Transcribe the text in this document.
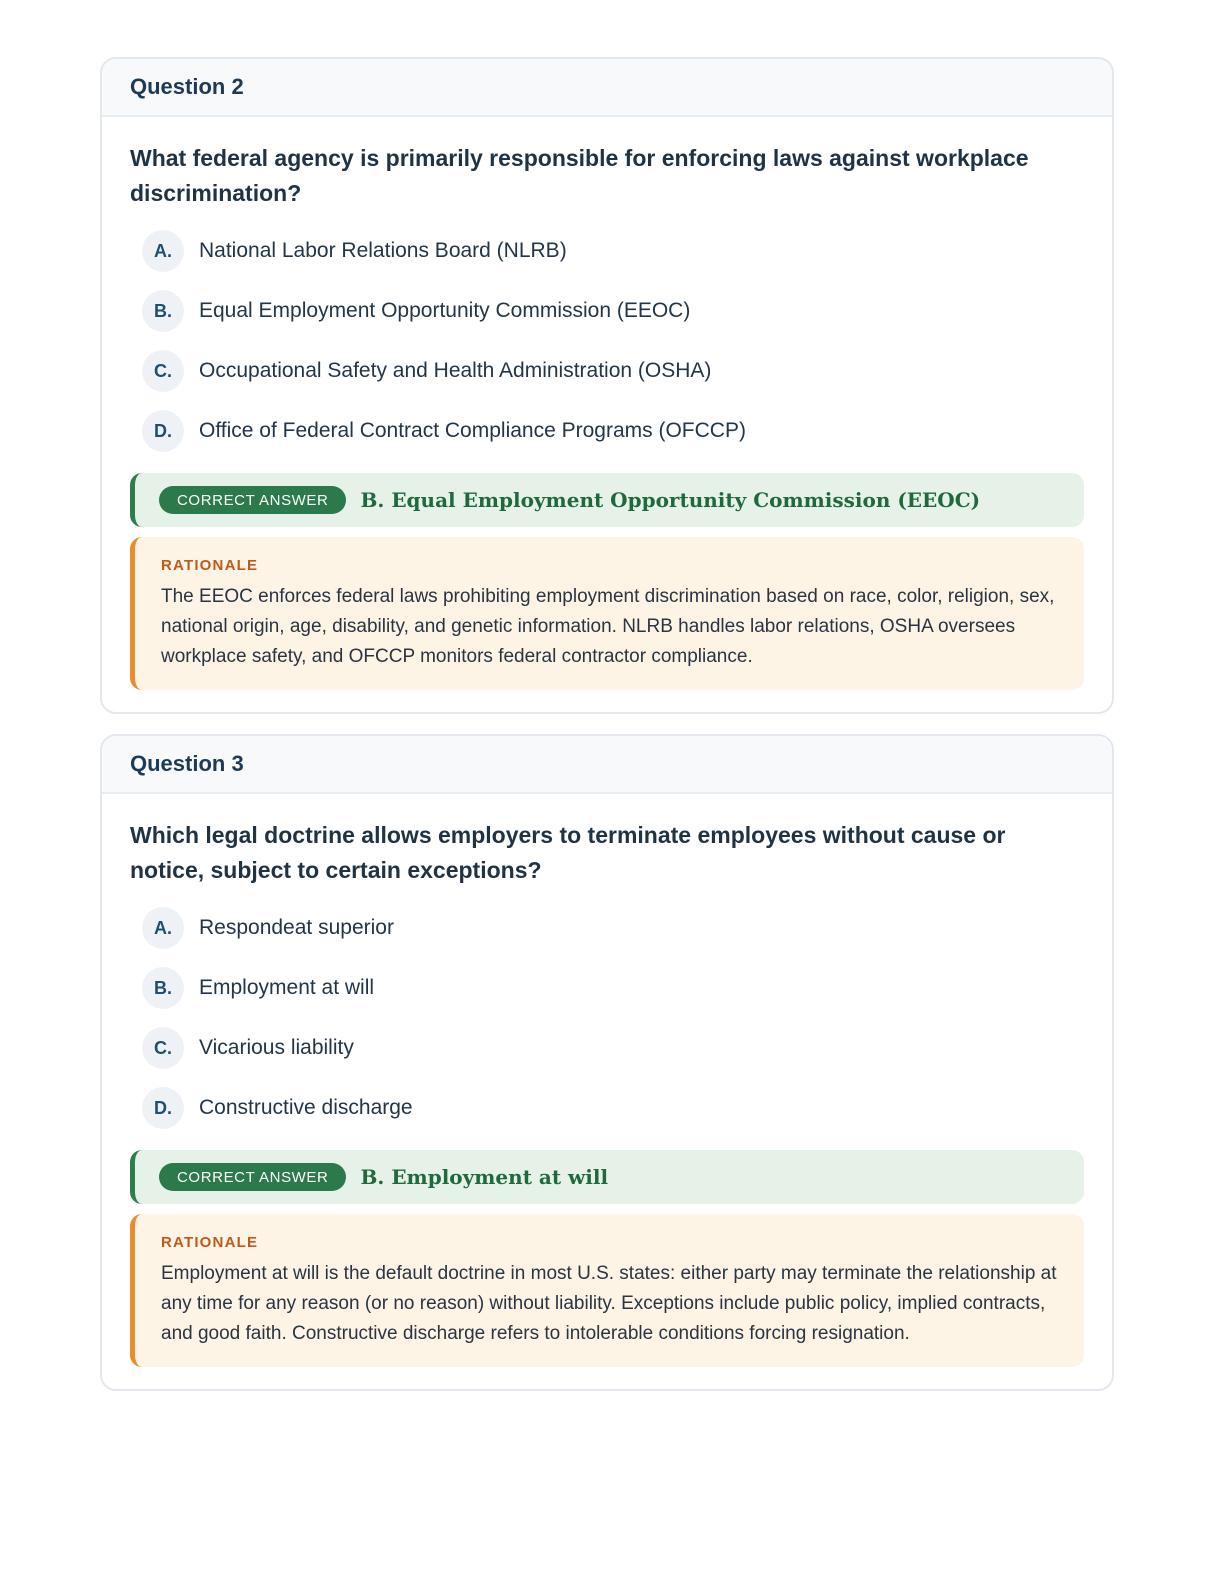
Question 2

What federal agency is primarily responsible for enforcing laws against workplace discrimination?

A.	National Labor Relations Board (NLRB)
B.	Equal Employment Opportunity Commission (EEOC)
C.	Occupational Safety and Health Administration (OSHA)
D.	Office of Federal Contract Compliance Programs (OFCCP)
CORRECT ANSWER	B. Equal Employment Opportunity Commission (EEOC)
RATIONALE
The EEOC enforces federal laws prohibiting employment discrimination based on race, color, religion, sex, national origin, age, disability, and genetic information. NLRB handles labor relations, OSHA oversees workplace safety, and OFCCP monitors federal contractor compliance.
Question 3

Which legal doctrine allows employers to terminate employees without cause or notice, subject to certain exceptions?

A.	Respondeat superior
B.	Employment at will
C.	Vicarious liability
D.	Constructive discharge
CORRECT ANSWER	B. Employment at will
RATIONALE
Employment at will is the default doctrine in most U.S. states: either party may terminate the relationship at any time for any reason (or no reason) without liability. Exceptions include public policy, implied contracts, and good faith. Constructive discharge refers to intolerable conditions forcing resignation.
